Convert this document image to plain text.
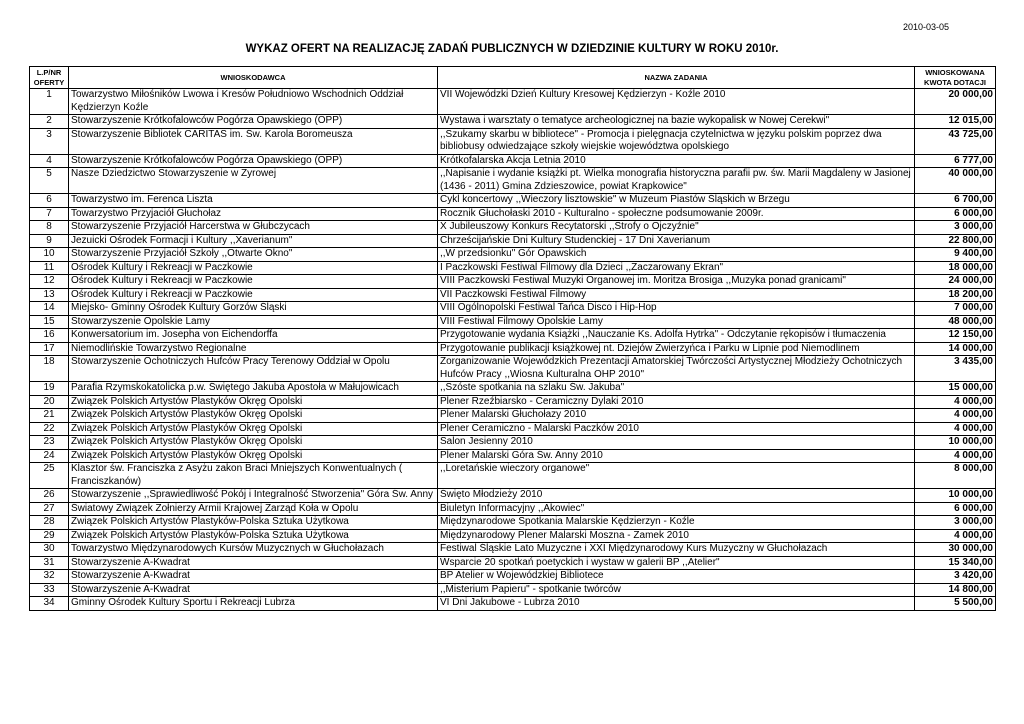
2010-03-05
WYKAZ OFERT NA REALIZACJĘ ZADAŃ PUBLICZNYCH W DZIEDZINIE KULTURY W ROKU 2010r.
L.P/NR
OFERTY	WNIOSKODAWCA	NAZWA ZADANIA	WNIOSKOWANA
KWOTA DOTACJI
1	Towarzystwo Miłośników Lwowa i Kresów Południowo Wschodnich Oddział Kędzierzyn Koźle	VII Wojewódzki Dzień Kultury Kresowej Kędzierzyn - Koźle 2010	20 000,00
2	Stowarzyszenie Krótkofalowców Pogórza Opawskiego (OPP)	Wystawa i warsztaty o tematyce archeologicznej na bazie wykopalisk w Nowej Cerekwi"	12 015,00
3	Stowarzyszenie Bibliotek CARITAS im. Św. Karola Boromeusza	,,Szukamy skarbu w bibliotece" - Promocja i pielęgnacja czytelnictwa w języku polskim poprzez dwa bibliobusy odwiedzające szkoły wiejskie województwa opolskiego	43 725,00
4	Stowarzyszenie Krótkofalowców Pogórza Opawskiego (OPP)	Krótkofalarska Akcja Letnia 2010	6 777,00
5	Nasze Dziedzictwo Stowarzyszenie w Żyrowej	,,Napisanie i wydanie książki pt. Wielka monografia historyczna parafii pw. św. Marii Magdaleny w Jasionej (1436 - 2011) Gmina Zdzieszowice, powiat Krapkowice"	40 000,00
6	Towarzystwo im. Ferenca Liszta	Cykl koncertowy ,,Wieczory lisztowskie" w Muzeum Piastów Śląskich w Brzegu	6 700,00
7	Towarzystwo Przyjaciół Głuchołaz	Rocznik Głuchołaski 2010 - Kulturalno - społeczne podsumowanie 2009r.	6 000,00
8	Stowarzyszenie Przyjaciół Harcerstwa w Głubczycach	X Jubileuszowy Konkurs Recytatorski ,,Strofy o Ojczyźnie"	3 000,00
9	Jezuicki Ośrodek Formacji i Kultury ,,Xaverianum"	Chrześcijańskie Dni Kultury Studenckiej - 17 Dni Xaverianum	22 800,00
10	Stowarzyszenie Przyjaciół Szkoły ,,Otwarte Okno"	,,W przedsionku" Gór Opawskich	9 400,00
11	Ośrodek Kultury i Rekreacji w Paczkowie	I Paczkowski Festiwal Filmowy dla Dzieci ,,Zaczarowany Ekran"	18 000,00
12	Ośrodek Kultury i Rekreacji w Paczkowie	VIII Paczkowski Festiwal Muzyki Organowej im. Moritza Brosiga ,,Muzyka ponad granicami"	24 000,00
13	Ośrodek Kultury i Rekreacji w Paczkowie	VII Paczkowski Festiwal Filmowy	18 200,00
14	Miejsko- Gminny Ośrodek Kultury Gorzów Śląski	VIII Ogólnopolski Festiwal Tańca Disco i Hip-Hop	7 000,00
15	Stowarzyszenie Opolskie Lamy	VIII Festiwal Filmowy Opolskie Lamy	48 000,00
16	Konwersatorium im. Josepha von Eichendorffa	Przygotowanie wydania Książki ,,Nauczanie Ks. Adolfa Hytrka" - Odczytanie rękopisów i tłumaczenia	12 150,00
17	Niemodlińskie Towarzystwo Regionalne	Przygotowanie publikacji książkowej nt. Dziejów Zwierzyńca i Parku w Lipnie pod Niemodlinem	14 000,00
18	Stowarzyszenie Ochotniczych Hufców Pracy Terenowy Oddział w Opolu	Zorganizowanie Wojewódzkich Prezentacji Amatorskiej Twórczości Artystycznej Młodzieży Ochotniczych Hufców Pracy ,,Wiosna Kulturalna OHP 2010"	3 435,00
19	Parafia Rzymskokatolicka p.w. Świętego Jakuba Apostoła w Małujowicach	,,Szóste spotkania na szlaku Św. Jakuba"	15 000,00
20	Związek Polskich Artystów Plastyków Okręg Opolski	Plener Rzeźbiarsko - Ceramiczny Dylaki 2010	4 000,00
21	Związek Polskich Artystów Plastyków Okręg Opolski	Plener Malarski Głuchołazy 2010	4 000,00
22	Związek Polskich Artystów Plastyków Okręg Opolski	Plener Ceramiczno - Malarski Paczków 2010	4 000,00
23	Związek Polskich Artystów Plastyków Okręg Opolski	Salon Jesienny 2010	10 000,00
24	Związek Polskich Artystów Plastyków Okręg Opolski	Plener Malarski Góra Św. Anny 2010	4 000,00
25	Klasztor św. Franciszka z Asyżu zakon Braci Mniejszych Konwentualnych ( Franciszkanów)	,,Loretańskie wieczory organowe"	8 000,00
26	Stowarzyszenie ,,Sprawiedliwość Pokój i Integralność Stworzenia" Góra Św. Anny	Święto Młodzieży 2010	10 000,00
27	Światowy Związek Żołnierzy Armii Krajowej Zarząd Koła w Opolu	Biuletyn Informacyjny ,,Akowiec"	6 000,00
28	Związek Polskich Artystów Plastyków-Polska Sztuka Użytkowa	Międzynarodowe Spotkania Malarskie Kędzierzyn - Koźle	3 000,00
29	Związek Polskich Artystów Plastyków-Polska Sztuka Użytkowa	Międzynarodowy Plener Malarski Moszna - Zamek 2010	4 000,00
30	Towarzystwo Międzynarodowych Kursów Muzycznych w Głuchołazach	Festiwal Śląskie Lato Muzyczne i XXI Międzynarodowy Kurs Muzyczny w Głuchołazach	30 000,00
31	Stowarzyszenie A-Kwadrat	Wsparcie 20 spotkań poetyckich i wystaw w galerii BP ,,Atelier"	15 340,00
32	Stowarzyszenie A-Kwadrat	BP Atelier w Wojewódzkiej Bibliotece	3 420,00
33	Stowarzyszenie A-Kwadrat	,,Misterium Papieru" - spotkanie twórców	14 800,00
34	Gminny Ośrodek Kultury Sportu i Rekreacji Lubrza	VI Dni Jakubowe - Lubrza 2010	5 500,00
